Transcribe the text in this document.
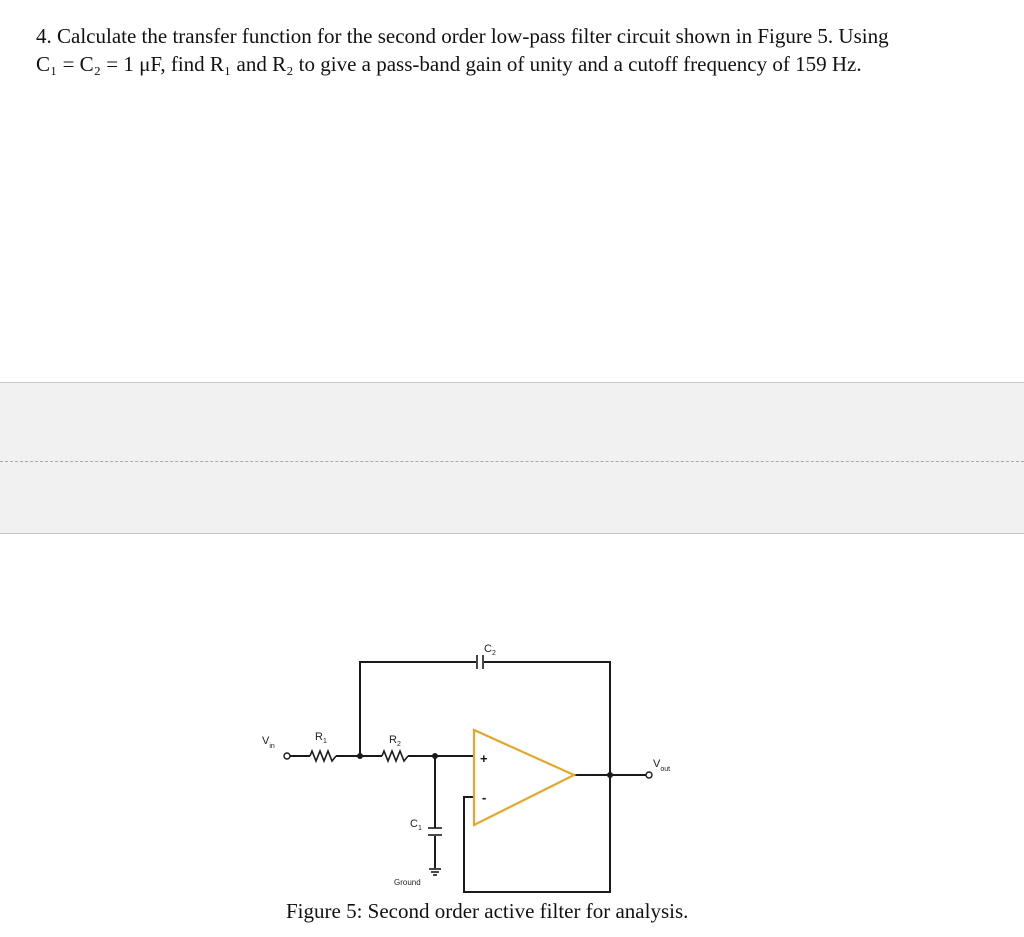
4. Calculate the transfer function for the second order low-pass filter circuit shown in Figure 5. Using
C₁ = C₂ = 1 μF, find R₁ and R₂ to give a pass-band gain of unity and a cutoff frequency of 159 Hz.
+
-
$V_{in}$
$R_1$	$R_2$
$C_2$
$C_1$
$V_{out}$
Ground
Figure 5: Second order active filter for analysis.
